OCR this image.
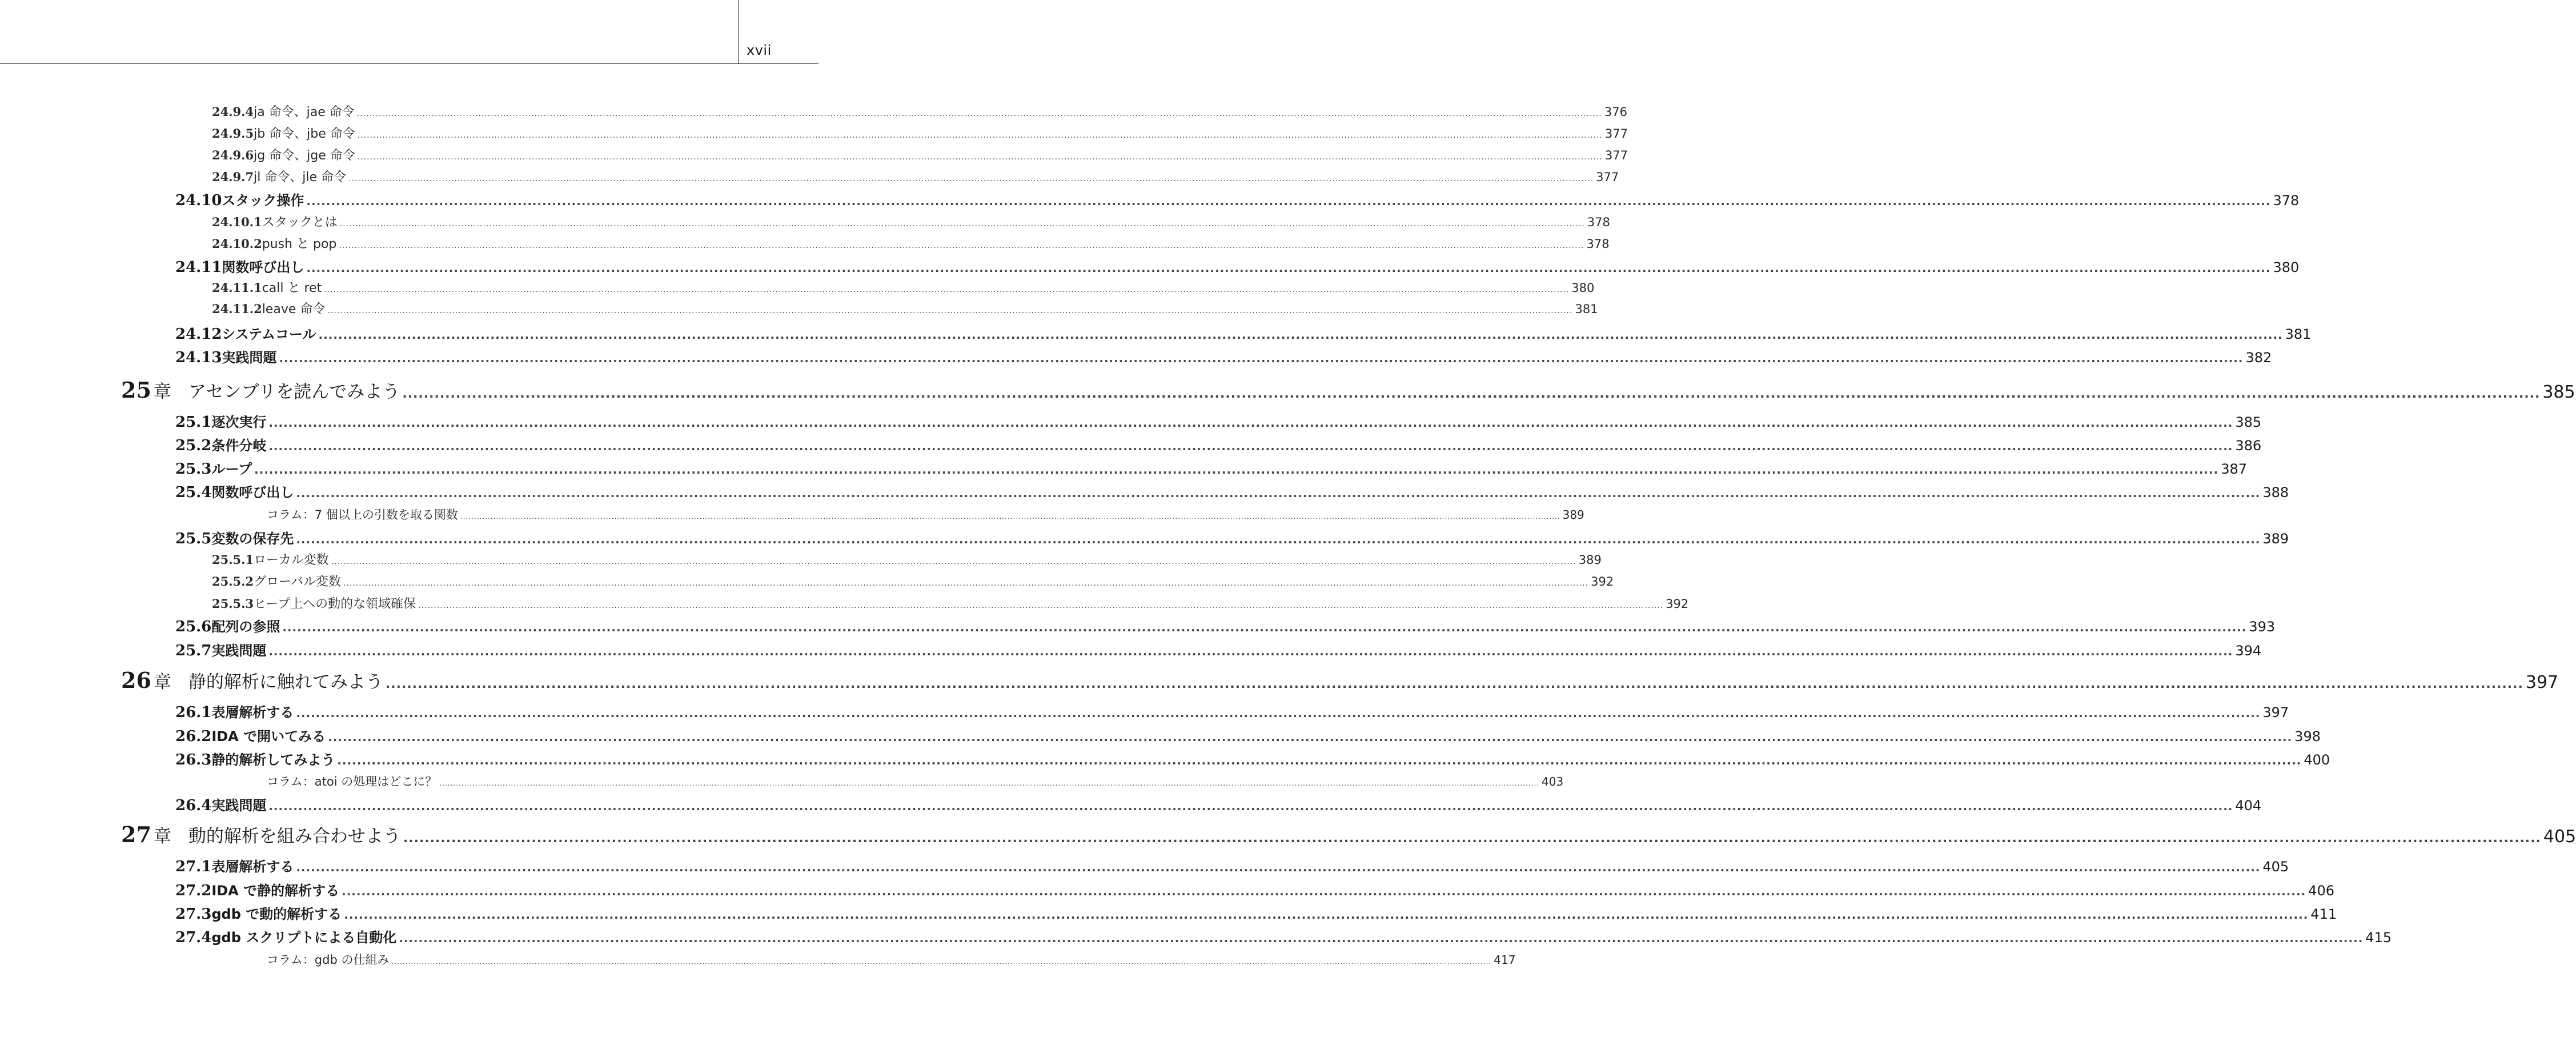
xvii
24.9.4 ja 命令、jae 命令 ................................................................................................................................................................................................................................................................................................................................................................................................................ 376
24.9.5 jb 命令、jbe 命令 ................................................................................................................................................................................................................................................................................................................................................................................................................ 377
24.9.6 jg 命令、jge 命令 ................................................................................................................................................................................................................................................................................................................................................................................................................ 377
24.9.7 jl 命令、jle 命令 ................................................................................................................................................................................................................................................................................................................................................................................................................ 377
24.10 スタック操作 ................................................................................................................................................................................................................................................................................................................................................................................................................ 378
24.10.1 スタックとは ................................................................................................................................................................................................................................................................................................................................................................................................................ 378
24.10.2 push と pop ................................................................................................................................................................................................................................................................................................................................................................................................................ 378
24.11 関数呼び出し ................................................................................................................................................................................................................................................................................................................................................................................................................ 380
24.11.1 call と ret ................................................................................................................................................................................................................................................................................................................................................................................................................ 380
24.11.2 leave 命令 ................................................................................................................................................................................................................................................................................................................................................................................................................ 381
24.12 システムコール ................................................................................................................................................................................................................................................................................................................................................................................................................ 381
24.13 実践問題 ................................................................................................................................................................................................................................................................................................................................................................................................................ 382
25 章 アセンブリを読んでみよう ................................................................................................................................................................................................................................................................................................................................................................................................................ 385
25.1 逐次実行 ................................................................................................................................................................................................................................................................................................................................................................................................................ 385
25.2 条件分岐 ................................................................................................................................................................................................................................................................................................................................................................................................................ 386
25.3 ループ ................................................................................................................................................................................................................................................................................................................................................................................................................ 387
25.4 関数呼び出し ................................................................................................................................................................................................................................................................................................................................................................................................................ 388
コラム：7 個以上の引数を取る関数 ................................................................................................................................................................................................................................................................................................................................................................................................................ 389
25.5 変数の保存先 ................................................................................................................................................................................................................................................................................................................................................................................................................ 389
25.5.1 ローカル変数 ................................................................................................................................................................................................................................................................................................................................................................................................................ 389
25.5.2 グローバル変数 ................................................................................................................................................................................................................................................................................................................................................................................................................ 392
25.5.3 ヒープ上への動的な領域確保 ................................................................................................................................................................................................................................................................................................................................................................................................................ 392
25.6 配列の参照 ................................................................................................................................................................................................................................................................................................................................................................................................................ 393
25.7 実践問題 ................................................................................................................................................................................................................................................................................................................................................................................................................ 394
26 章 静的解析に触れてみよう ................................................................................................................................................................................................................................................................................................................................................................................................................ 397
26.1 表層解析する ................................................................................................................................................................................................................................................................................................................................................................................................................ 397
26.2 IDA で開いてみる ................................................................................................................................................................................................................................................................................................................................................................................................................ 398
26.3 静的解析してみよう ................................................................................................................................................................................................................................................................................................................................................................................................................ 400
コラム：atoi の処理はどこに？ ................................................................................................................................................................................................................................................................................................................................................................................................................ 403
26.4 実践問題 ................................................................................................................................................................................................................................................................................................................................................................................................................ 404
27 章 動的解析を組み合わせよう ................................................................................................................................................................................................................................................................................................................................................................................................................ 405
27.1 表層解析する ................................................................................................................................................................................................................................................................................................................................................................................................................ 405
27.2 IDA で静的解析する ................................................................................................................................................................................................................................................................................................................................................................................................................ 406
27.3 gdb で動的解析する ................................................................................................................................................................................................................................................................................................................................................................................................................ 411
27.4 gdb スクリプトによる自動化 ................................................................................................................................................................................................................................................................................................................................................................................................................ 415
コラム：gdb の仕組み ................................................................................................................................................................................................................................................................................................................................................................................................................ 417
